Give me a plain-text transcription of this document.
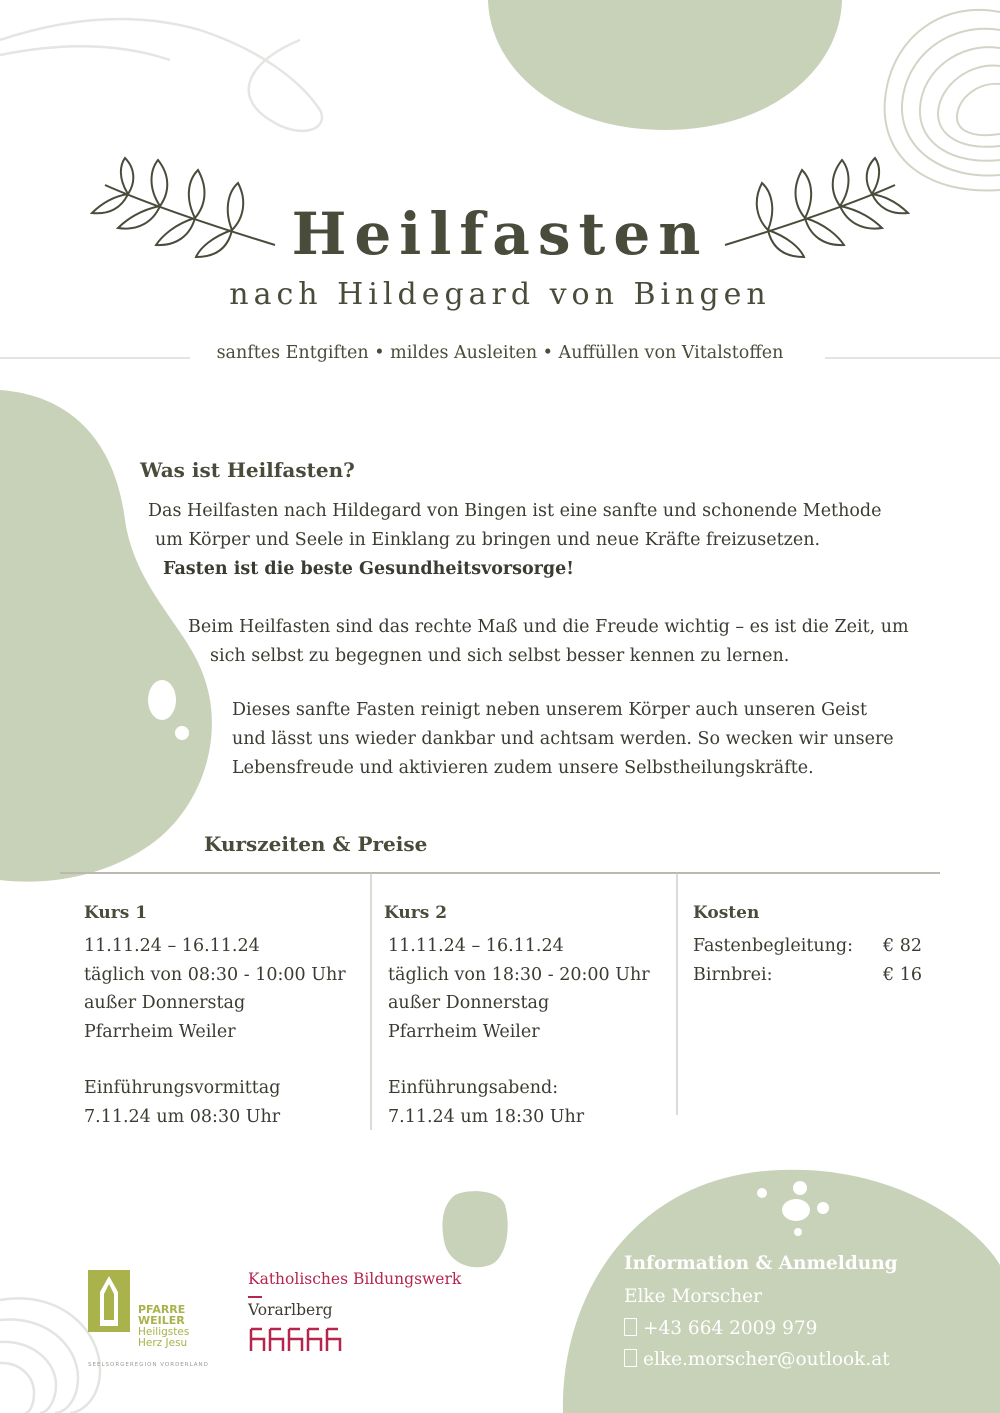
Heilfasten
nach Hildegard von Bingen
sanftes Entgiften • mildes Ausleiten • Auffüllen von Vitalstoffen
Was ist Heilfasten?
Das Heilfasten nach Hildegard von Bingen ist eine sanfte und schonende Methode
um Körper und Seele in Einklang zu bringen und neue Kräfte freizusetzen.
Fasten ist die beste Gesundheitsvorsorge!
Beim Heilfasten sind das rechte Maß und die Freude wichtig – es ist die Zeit, um
sich selbst zu begegnen und sich selbst besser kennen zu lernen.
Dieses sanfte Fasten reinigt neben unserem Körper auch unseren Geist
und lässt uns wieder dankbar und achtsam werden. So wecken wir unsere
Lebensfreude und aktivieren zudem unsere Selbstheilungskräfte.
Kurszeiten & Preise
Kurs 1
11.11.24 – 16.11.24
täglich von 08:30 - 10:00 Uhr
außer Donnerstag
Pfarrheim Weiler
Einführungsvormittag
7.11.24 um 08:30 Uhr
Kurs 2
11.11.24 – 16.11.24
täglich von 18:30 - 20:00 Uhr
außer Donnerstag
Pfarrheim Weiler
Einführungsabend:
7.11.24 um 18:30 Uhr
Kosten
Fastenbegleitung: € 82
Birnbrei:	€ 16
Information & Anmeldung
Elke Morscher
+43 664 2009 979
elke.morscher@outlook.at
PFARRE
WEILER
Heiligstes
Herz Jesu
SEELSORGEREGION VORDERLAND
Katholisches Bildungswerk
Vorarlberg
